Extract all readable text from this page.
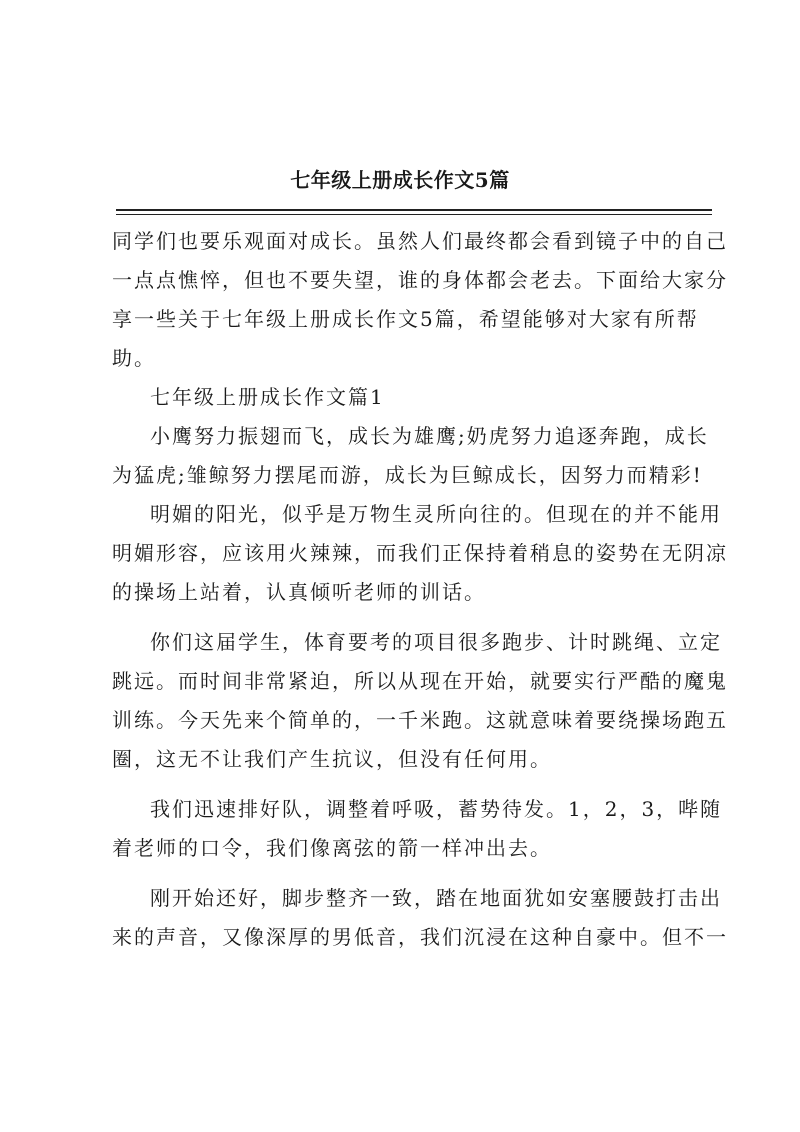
七年级上册成长作文5篇
同学们也要乐观面对成长。虽然人们最终都会看到镜子中的自己
一点点憔悴，但也不要失望，谁的身体都会老去。下面给大家分
享一些关于七年级上册成长作文5篇，希望能够对大家有所帮
助。
七年级上册成长作文篇1
小鹰努力振翅而飞，成长为雄鹰;奶虎努力追逐奔跑，成长
为猛虎;雏鲸努力摆尾而游，成长为巨鲸成长，因努力而精彩!
明媚的阳光，似乎是万物生灵所向往的。但现在的并不能用
明媚形容，应该用火辣辣，而我们正保持着稍息的姿势在无阴凉
的操场上站着，认真倾听老师的训话。
你们这届学生，体育要考的项目很多跑步、计时跳绳、立定
跳远。而时间非常紧迫，所以从现在开始，就要实行严酷的魔鬼
训练。今天先来个简单的，一千米跑。这就意味着要绕操场跑五
圈，这无不让我们产生抗议，但没有任何用。
我们迅速排好队，调整着呼吸，蓄势待发。1，2，3，哔随
着老师的口令，我们像离弦的箭一样冲出去。
刚开始还好，脚步整齐一致，踏在地面犹如安塞腰鼓打击出
来的声音，又像深厚的男低音，我们沉浸在这种自豪中。但不一
